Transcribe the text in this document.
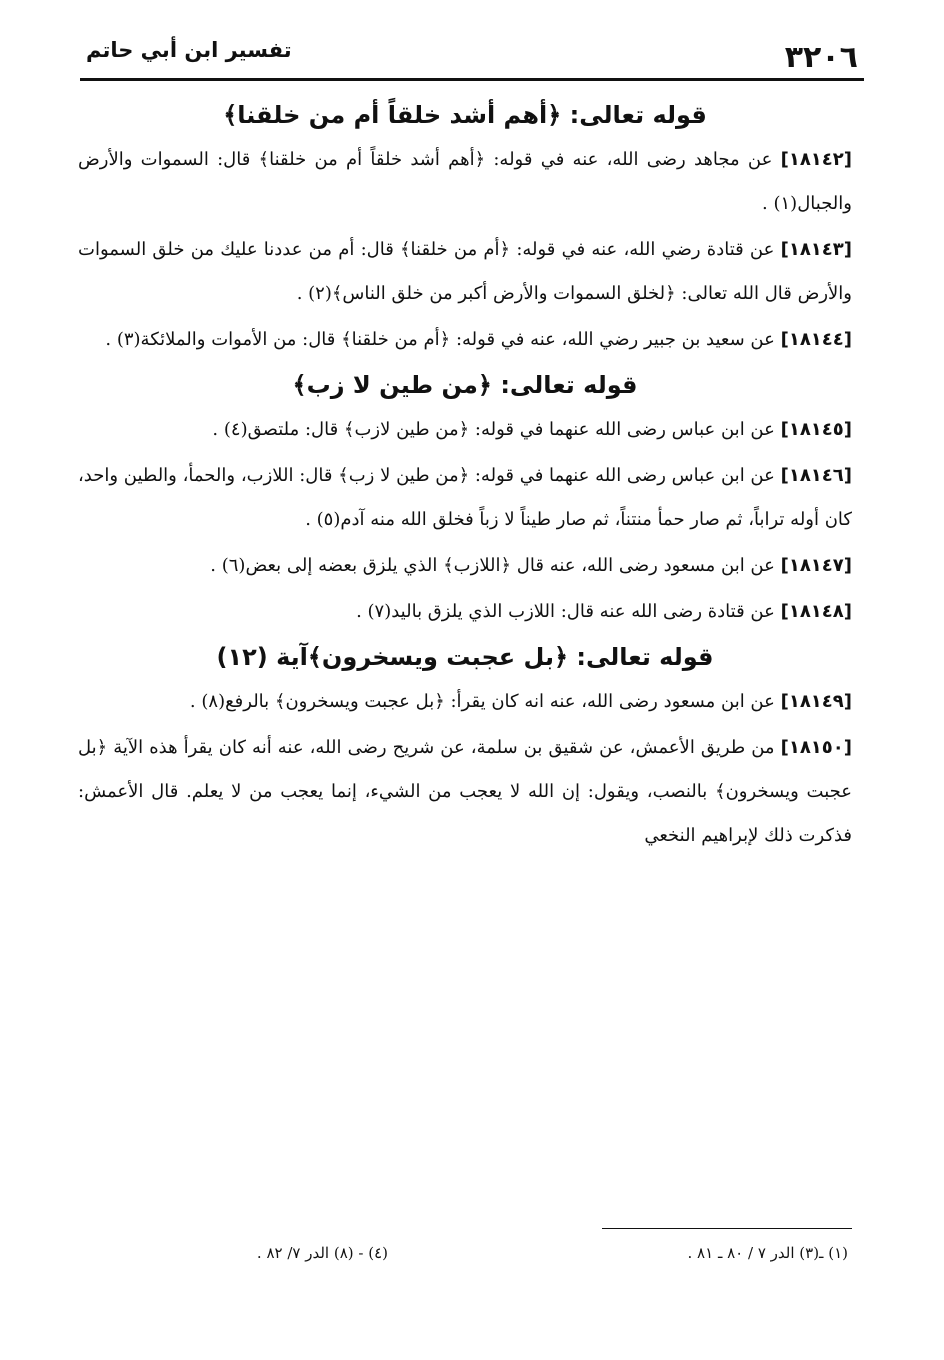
٣٢٠٦
تفسير ابن أبي حاتم
قوله تعالى: ﴿أهم أشد خلقاً أم من خلقنا﴾

[١٨١٤٢] عن مجاهد رضى الله، عنه في قوله: ﴿أهم أشد خلقاً أم من خلقنا﴾ قال: السموات والأرض والجبال(١) .

[١٨١٤٣] عن قتادة رضي الله، عنه في قوله: ﴿أم من خلقنا﴾ قال: أم من عددنا عليك من خلق السموات والأرض قال الله تعالى: ﴿لخلق السموات والأرض أكبر من خلق الناس﴾(٢) .

[١٨١٤٤] عن سعيد بن جبير رضي الله، عنه في قوله: ﴿أم من خلقنا﴾ قال: من الأموات والملائكة(٣) .

قوله تعالى: ﴿من طين لا زب﴾

[١٨١٤٥] عن ابن عباس رضى الله عنهما في قوله: ﴿من طين لازب﴾ قال: ملتصق(٤) .

[١٨١٤٦] عن ابن عباس رضى الله عنهما في قوله: ﴿من طين لا زب﴾ قال: اللازب، والحمأ، والطين واحد، كان أوله تراباً، ثم صار حمأ منتناً، ثم صار طيناً لا زباً فخلق الله منه آدم(٥) .

[١٨١٤٧] عن ابن مسعود رضى الله، عنه قال ﴿اللازب﴾ الذي يلزق بعضه إلى بعض(٦) .

[١٨١٤٨] عن قتادة رضى الله عنه قال: اللازب الذي يلزق باليد(٧) .

قوله تعالى: ﴿بل عجبت ويسخرون﴾آية (١٢)

[١٨١٤٩] عن ابن مسعود رضى الله، عنه انه كان يقرأ: ﴿بل عجبت ويسخرون﴾ بالرفع(٨) .

[١٨١٥٠] من طريق الأعمش، عن شقيق بن سلمة، عن شريح رضى الله، عنه أنه كان يقرأ هذه الآية ﴿بل عجبت ويسخرون﴾ بالنصب، ويقول: إن الله لا يعجب من الشيء، إنما يعجب من لا يعلم. قال الأعمش: فذكرت ذلك لإبراهيم النخعي

(١) ـ(٣) الدر ٧ / ٨٠ ـ ٨١ .
(٤) - (٨) الدر ٧/ ٨٢ .
